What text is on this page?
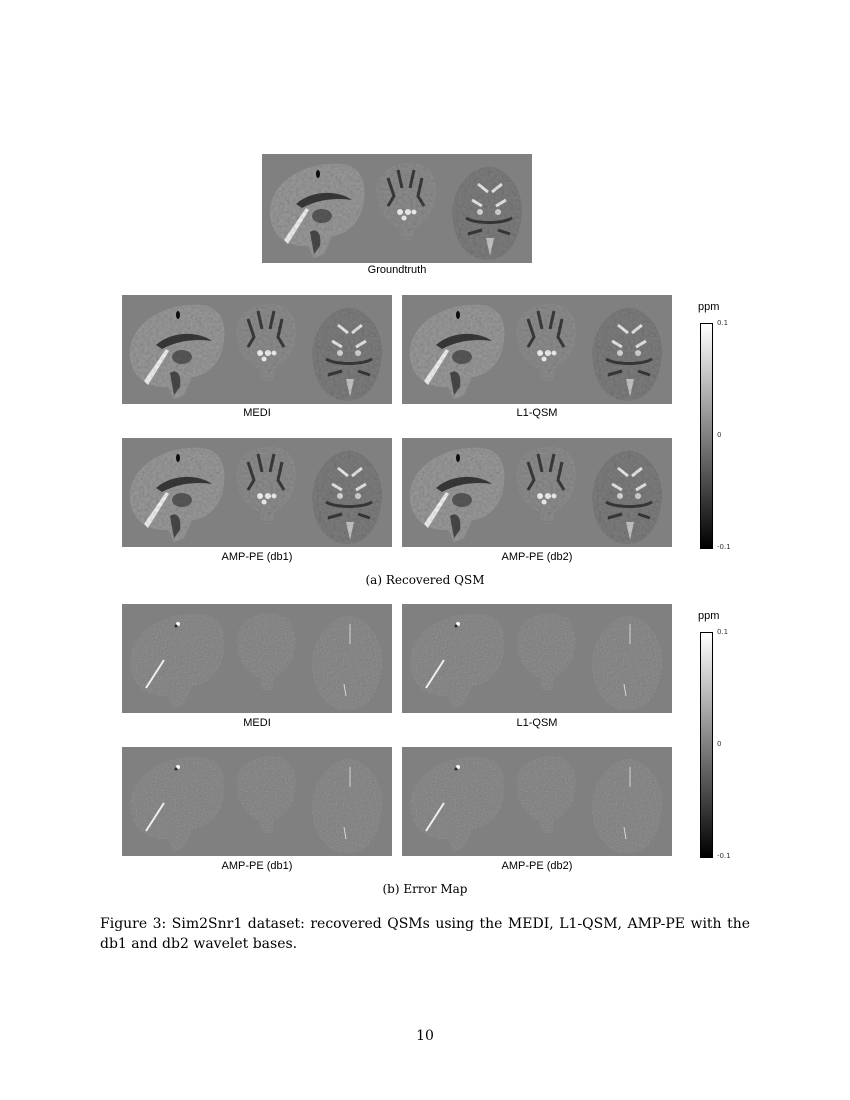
Groundtruth
MEDI	L1-QSM
AMP-PE (db1)	AMP-PE (db2)
ppm
0.1
0
-0.1
(a) Recovered QSM
MEDI	L1-QSM
AMP-PE (db1)	AMP-PE (db2)
ppm
0.1
0
-0.1
(b) Error Map
Figure 3: Sim2Snr1 dataset: recovered QSMs using the MEDI, L1-QSM, AMP-PE with the db1 and db2 wavelet bases.
10
